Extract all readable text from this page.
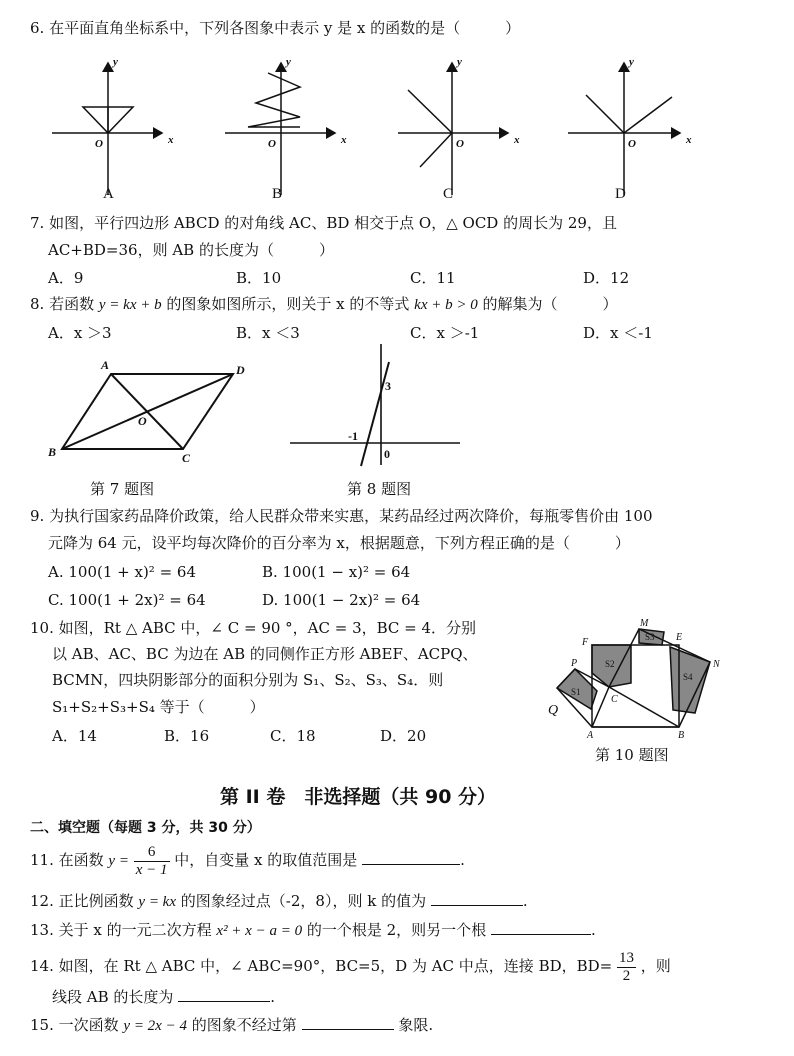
6. 在平面直角坐标系中，下列各图象中表示 y 是 x 的函数的是（　　　）
y
x
O
y
x
O
y
x
O
y
x
O
A	B	C	D
7. 如图，平行四边形 ABCD 的对角线 AC、BD 相交于点 O，△ OCD 的周长为 29，且
AC+BD=36，则 AB 的长度为（　　　）
A．9	B．10	C．11	D．12
8. 若函数 y = kx + b 的图象如图所示，则关于 x 的不等式 kx + b > 0 的解集为（　　　）
A．x ＞3	B．x ＜3	C．x ＞-1	D．x ＜-1
A	D
B	C
O
第 7 题图
3
-1
0
第 8 题图
9. 为执行国家药品降价政策，给人民群众带来实惠，某药品经过两次降价，每瓶零售价由 100
元降为 64 元，设平均每次降价的百分率为 x，根据题意，下列方程正确的是（　　　）
A. 100(1 + x)² = 64	B. 100(1 − x)² = 64
C. 100(1 + 2x)² = 64	D. 100(1 − 2x)² = 64
10. 如图，Rt △ ABC 中，∠ C = 90 °，AC = 3，BC = 4．分别
以 AB、AC、BC 为边在 AB 的同侧作正方形 ABEF、ACPQ、
BCMN，四块阴影部分的面积分别为 S₁、S₂、S₃、S₄．则
S₁+S₂+S₃+S₄ 等于（　　　）
A．14	B．16	C．18	D．20
M
E
F
N
P
Q
C
A	B
S1
S2
S3
S4
第 10 题图
第 II 卷　非选择题（共 90 分）
二、填空题（每题 3 分，共 30 分）
11. 在函数 $y = \frac{6}{x - 1}$ 中，自变量 x 的取值范围是	.
12. 正比例函数 y = kx 的图象经过点（-2，8），则 k 的值为	.
13. 关于 x 的一元二次方程 x² + x − a = 0 的一个根是 2，则另一个根	.
14. 如图，在 Rt △ ABC 中，∠ ABC=90°，BC=5，D 为 AC 中点，连接 BD，$BD= \frac{13}{2}$ ，则
线段 AB 的长度为	.
15. 一次函数 y = 2x − 4 的图象不经过第	象限.
